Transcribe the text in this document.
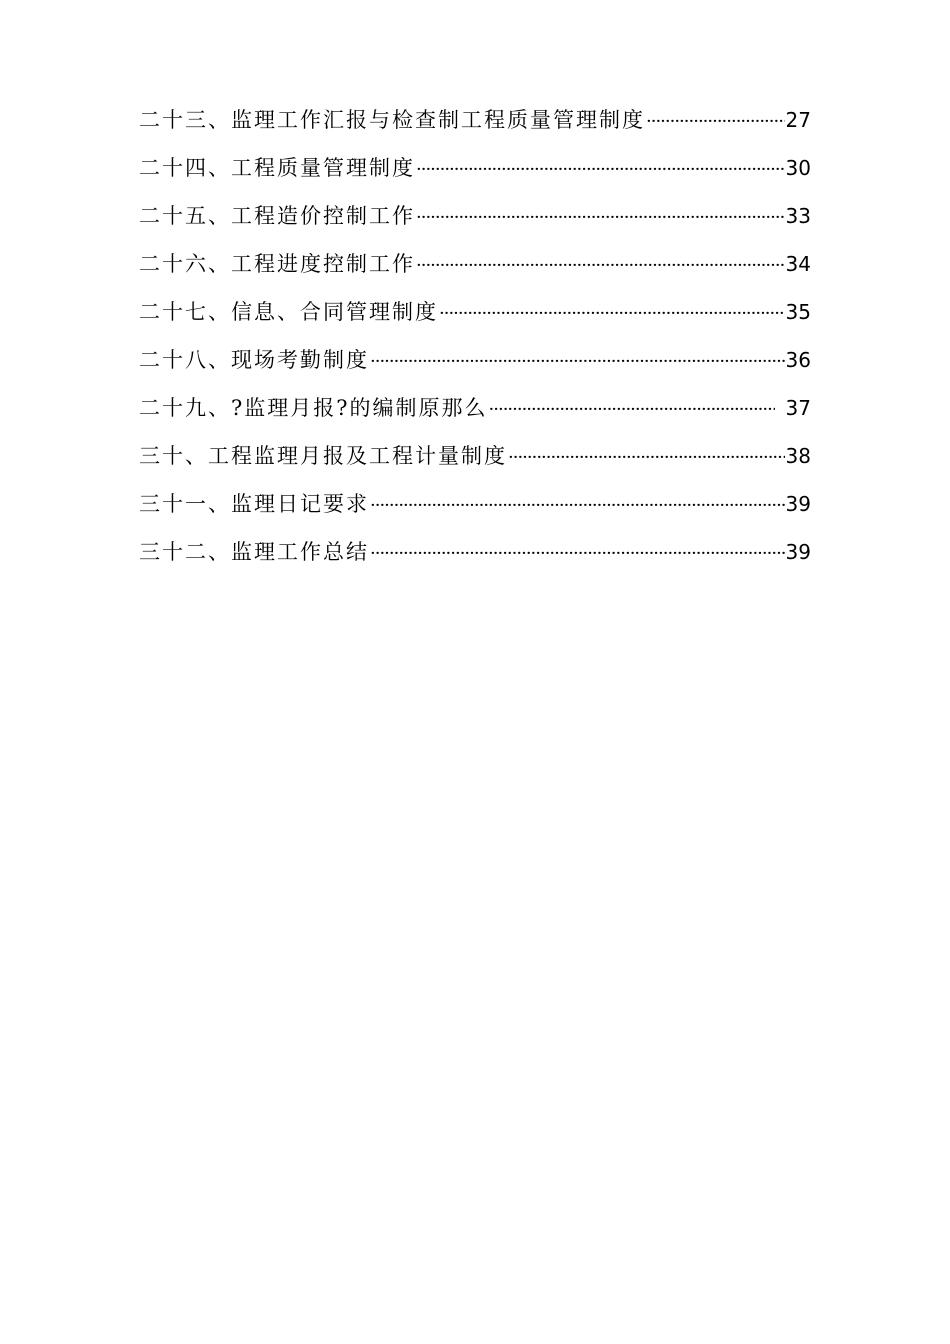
二十三、监理工作汇报与检查制工程质量管理制度 ·····	27
二十四、工程质量管理制度 ·····	30
二十五、工程造价控制工作 ·····	33
二十六、工程进度控制工作 ·····	34
二十七、信息、合同管理制度 ·····	35
二十八、现场考勤制度 ·····	36
二十九、?监理月报?的编制原那么 ·····	37
三十、工程监理月报及工程计量制度 ·····	38
三十一、监理日记要求 ·····	39
三十二、监理工作总结 ·····	39
